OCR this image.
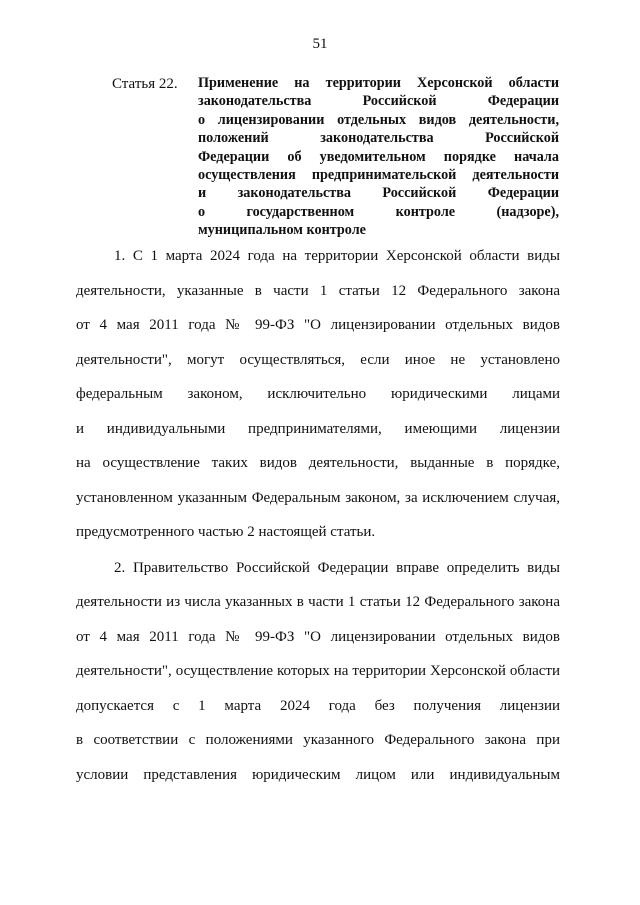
51
Статья 22. Применение на территории Херсонской области
законодательства Российской Федерации
о лицензировании отдельных видов деятельности,
положений законодательства Российской
Федерации об уведомительном порядке начала
осуществления предпринимательской деятельности
и законодательства Российской Федерации
о государственном контроле (надзоре),
муниципальном контроле
1. С 1 марта 2024 года на территории Херсонской области виды
деятельности, указанные в части 1 статьи 12 Федерального закона
от 4 мая 2011 года № 99-ФЗ "О лицензировании отдельных видов
деятельности", могут осуществляться, если иное не установлено
федеральным законом, исключительно юридическими лицами
и индивидуальными предпринимателями, имеющими лицензии
на осуществление таких видов деятельности, выданные в порядке,
установленном указанным Федеральным законом, за исключением случая,
предусмотренного частью 2 настоящей статьи.
2. Правительство Российской Федерации вправе определить виды
деятельности из числа указанных в части 1 статьи 12 Федерального закона
от 4 мая 2011 года № 99-ФЗ "О лицензировании отдельных видов
деятельности", осуществление которых на территории Херсонской области
допускается с 1 марта 2024 года без получения лицензии
в соответствии с положениями указанного Федерального закона при
условии представления юридическим лицом или индивидуальным
